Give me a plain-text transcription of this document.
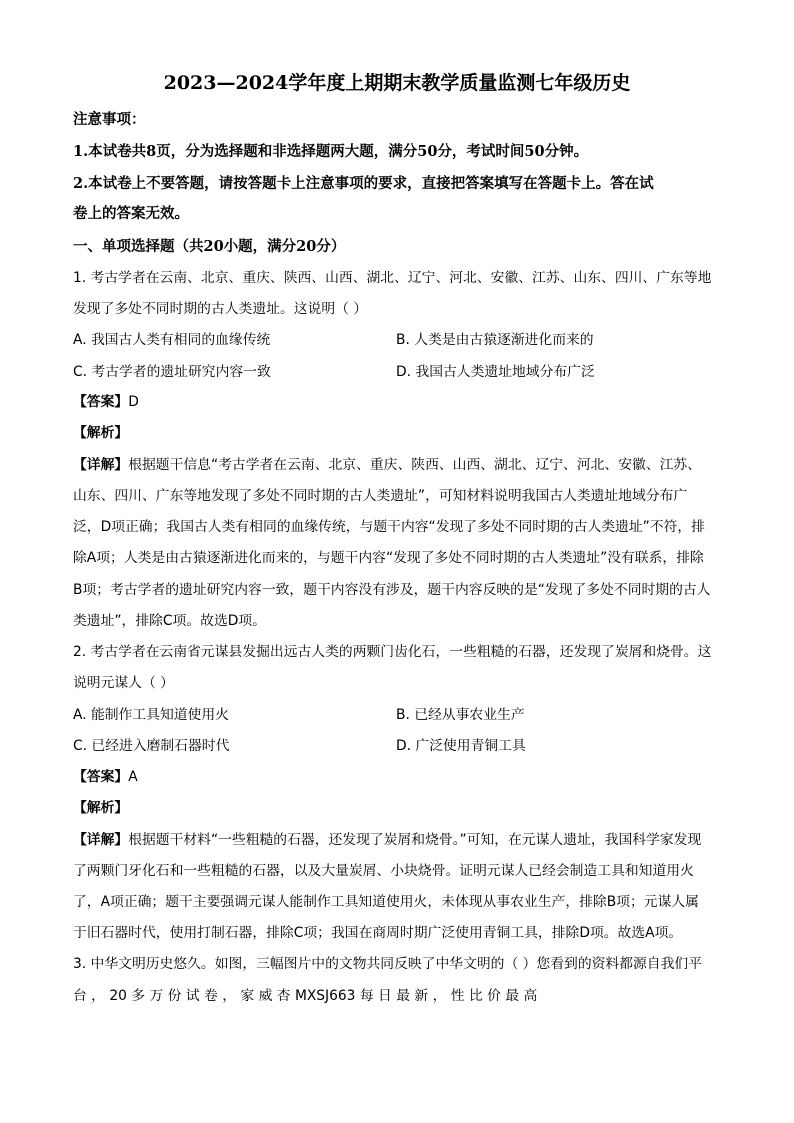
2023—2024学年度上期期末教学质量监测七年级历史
注意事项：
1.本试卷共8页，分为选择题和非选择题两大题，满分50分，考试时间50分钟。
2.本试卷上不要答题，请按答题卡上注意事项的要求，直接把答案填写在答题卡上。答在试
卷上的答案无效。
一、单项选择题（共20小题，满分20分）
1. 考古学者在云南、北京、重庆、陕西、山西、湖北、辽宁、河北、安徽、江苏、山东、四川、广东等地
发现了多处不同时期的古人类遗址。这说明（ ）
A. 我国古人类有相同的血缘传统	B. 人类是由古猿逐渐进化而来的
C. 考古学者的遗址研究内容一致	D. 我国古人类遗址地域分布广泛
【答案】D
【解析】
【详解】根据题干信息“考古学者在云南、北京、重庆、陕西、山西、湖北、辽宁、河北、安徽、江苏、
山东、四川、广东等地发现了多处不同时期的古人类遗址”，可知材料说明我国古人类遗址地域分布广
泛，D项正确；我国古人类有相同的血缘传统，与题干内容“发现了多处不同时期的古人类遗址”不符，排
除A项；人类是由古猿逐渐进化而来的，与题干内容“发现了多处不同时期的古人类遗址”没有联系，排除
B项；考古学者的遗址研究内容一致，题干内容没有涉及，题干内容反映的是“发现了多处不同时期的古人
类遗址”，排除C项。故选D项。
2. 考古学者在云南省元谋县发掘出远古人类的两颗门齿化石，一些粗糙的石器，还发现了炭屑和烧骨。这
说明元谋人（ ）
A. 能制作工具知道使用火	B. 已经从事农业生产
C. 已经进入磨制石器时代	D. 广泛使用青铜工具
【答案】A
【解析】
【详解】根据题干材料“一些粗糙的石器，还发现了炭屑和烧骨。”可知，在元谋人遗址，我国科学家发现
了两颗门牙化石和一些粗糙的石器，以及大量炭屑、小块烧骨。证明元谋人已经会制造工具和知道用火
了，A项正确；题干主要强调元谋人能制作工具知道使用火，未体现从事农业生产，排除B项；元谋人属
于旧石器时代，使用打制石器，排除C项；我国在商周时期广泛使用青铜工具，排除D项。故选A项。
3. 中华文明历史悠久。如图，三幅图片中的文物共同反映了中华文明的（ ）您看到的资料都源自我们平
台 ， 20 多 万 份 试 卷 ， 家 威 杏 MXSJ663 每 日 最 新 ， 性 比 价 最 高
